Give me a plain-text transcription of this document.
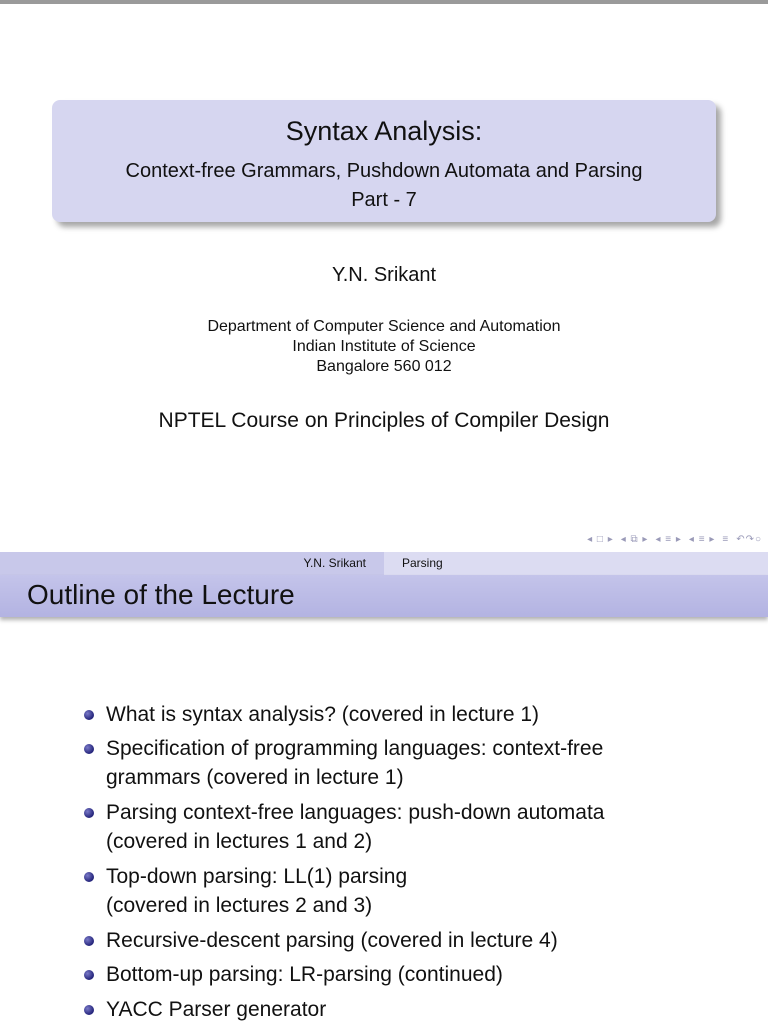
Syntax Analysis:
Context-free Grammars, Pushdown Automata and Parsing
Part - 7
Y.N. Srikant
Department of Computer Science and Automation
Indian Institute of Science
Bangalore 560 012
NPTEL Course on Principles of Compiler Design
◂ □ ▸ ◂ ⧉ ▸ ◂ ≡ ▸ ◂ ≡ ▸ ≡ ↶↷○
Y.N. Srikant	Parsing
Outline of the Lecture
What is syntax analysis? (covered in lecture 1)
Specification of programming languages: context-free
grammars (covered in lecture 1)
Parsing context-free languages: push-down automata
(covered in lectures 1 and 2)
Top-down parsing: LL(1) parsing
(covered in lectures 2 and 3)
Recursive-descent parsing (covered in lecture 4)
Bottom-up parsing: LR-parsing (continued)
YACC Parser generator
